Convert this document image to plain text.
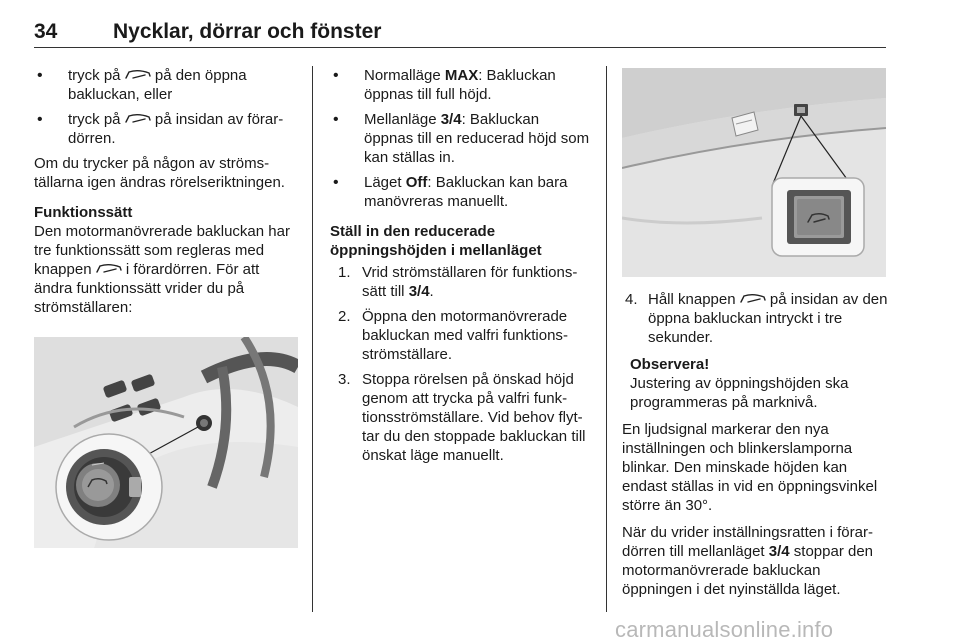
34	Nycklar, dörrar och fönster

• tryck på  på den öppna bakluckan, eller

• tryck på  på insidan av förardörren.

Om du trycker på någon av strömställarna igen ändras rörelseriktningen.

Funktionssätt

Den motormanövrerade bakluckan har tre funktionssätt som regleras med knappen  i förardörren. För att ändra funktionssätt vrider du på strömställaren:

• Normalläge MAX: Bakluckan öppnas till full höjd.

• Mellanläge 3/4: Bakluckan öppnas till en reducerad höjd som kan ställas in.

• Läget Off: Bakluckan kan bara manövreras manuellt.

Ställ in den reducerade öppningshöjden i mellanläget

1. Vrid strömställaren för funktionssätt till 3/4.

2. Öppna den motormanövrerade bakluckan med valfri funktionsströmställare.

3. Stoppa rörelsen på önskad höjd genom att trycka på valfri funktionsströmställare. Vid behov flyttar du den stoppade bakluckan till önskat läge manuellt.

4. Håll knappen  på insidan av den öppna bakluckan intryckt i tre sekunder.

Observera!

Justering av öppningshöjden ska programmeras på marknivå.

En ljudsignal markerar den nya inställningen och blinkerslamporna blinkar. Den minskade höjden kan endast ställas in vid en öppningsvinkel större än 30°.

När du vrider inställningsratten i förardörren till mellanläget 3/4 stoppar den motormanövrerade bakluckan öppningen i det nyinställda läget.

carmanualsonline.info
